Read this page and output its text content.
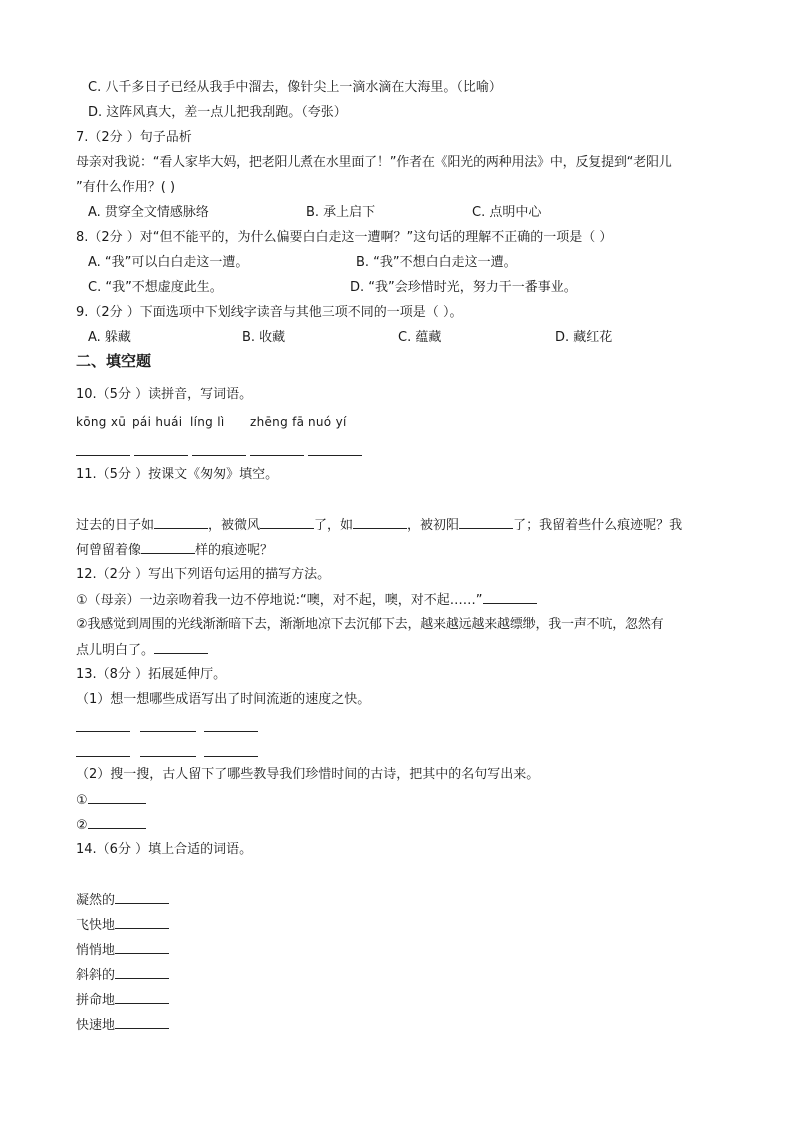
C. 八千多日子已经从我手中溜去，像针尖上一滴水滴在大海里。（比喻）
D. 这阵风真大，差一点儿把我刮跑。（夸张）
7.（2分 ）句子品析
母亲对我说：“看人家毕大妈，把老阳儿煮在水里面了！”作者在《阳光的两种用法》中，反复提到“老阳儿
”有什么作用？( )
A. 贯穿全文情感脉络	B. 承上启下	C. 点明中心
8.（2分 ）对“但不能平的，为什么偏要白白走这一遭啊？”这句话的理解不正确的一项是（ ）
A. “我”可以白白走这一遭。	B. “我”不想白白走这一遭。
C. “我”不想虚度此生。	D. “我”会珍惜时光，努力干一番事业。
9.（2分 ）下面选项中下划线字读音与其他三项不同的一项是（ ）。
A. 躲藏	B. 收藏	C. 蕴藏	D. 藏红花
二、填空题
10.（5分 ）读拼音，写词语。
kōng xū pái huái líng lì zhēng fā nuó yí
11.（5分 ）按课文《匆匆》填空。
过去的日子如	，被微风	了，如	，被初阳	了；我留着些什么痕迹呢？我
何曾留着像	样的痕迹呢？
12.（2分 ）写出下列语句运用的描写方法。
①（母亲）一边亲吻着我一边不停地说:“噢，对不起，噢，对不起……”
②我感觉到周围的光线渐渐暗下去，渐渐地凉下去沉郁下去，越来越远越来越缥缈，我一声不吭，忽然有
点儿明白了。
13.（8分 ）拓展延伸厅。
（1）想一想哪些成语写出了时间流逝的速度之快。
（2）搜一搜，古人留下了哪些教导我们珍惜时间的古诗，把其中的名句写出来。
①
②
14.（6分 ）填上合适的词语。
凝然的
飞快地
悄悄地
斜斜的
拼命地
快速地
